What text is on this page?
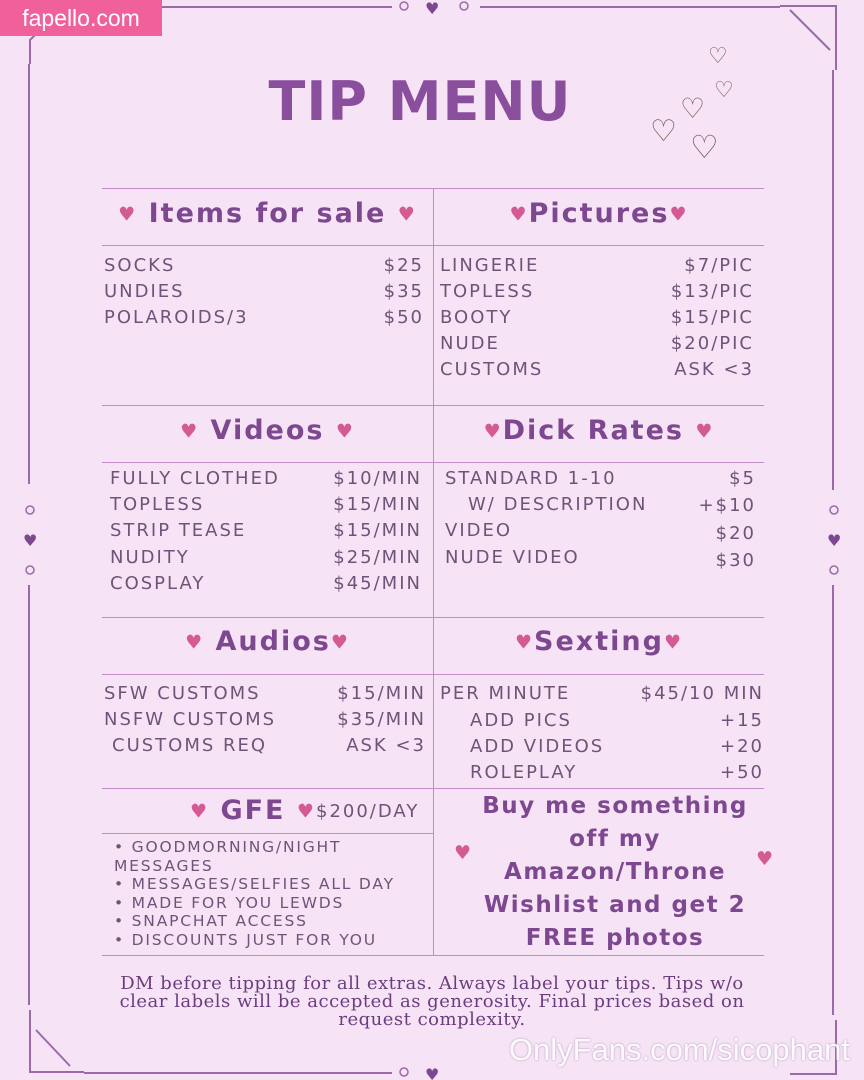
♥
♥	♥
♥
fapello.com
TIP MENU
♡
♡
♡
♡ ♡
♥ Items for sale ♥
SOCKS	$25
UNDIES	$35
POLAROIDS/3	$50
♥Pictures♥
LINGERIE	$7/PIC
TOPLESS	$13/PIC
BOOTY	$15/PIC
NUDE	$20/PIC
CUSTOMS	ASK <3
♥ Videos ♥
FULLY CLOTHED	$10/MIN
TOPLESS	$15/MIN
STRIP TEASE	$15/MIN
NUDITY	$25/MIN
COSPLAY	$45/MIN
♥Dick Rates ♥
STANDARD 1-10	$5
W/ DESCRIPTION	+$10
VIDEO	$20
NUDE VIDEO	$30
♥ Audios♥
SFW CUSTOMS	$15/MIN
NSFW CUSTOMS	$35/MIN
CUSTOMS REQ	ASK <3
♥Sexting♥
PER MINUTE	$45/10 MIN
ADD PICS	+15
ADD VIDEOS	+20
ROLEPLAY	+50
♥ GFE ♥ $200/DAY
• GOODMORNING/NIGHT MESSAGES
• MESSAGES/SELFIES ALL DAY
• MADE FOR YOU LEWDS
• SNAPCHAT ACCESS
• DISCOUNTS JUST FOR YOU
♥	♥
Buy me something off my Amazon/Throne Wishlist and get 2 FREE photos
DM before tipping for all extras. Always label your tips. Tips w/o clear labels will be accepted as generosity. Final prices based on request complexity.
OnlyFans.com/sicophant
